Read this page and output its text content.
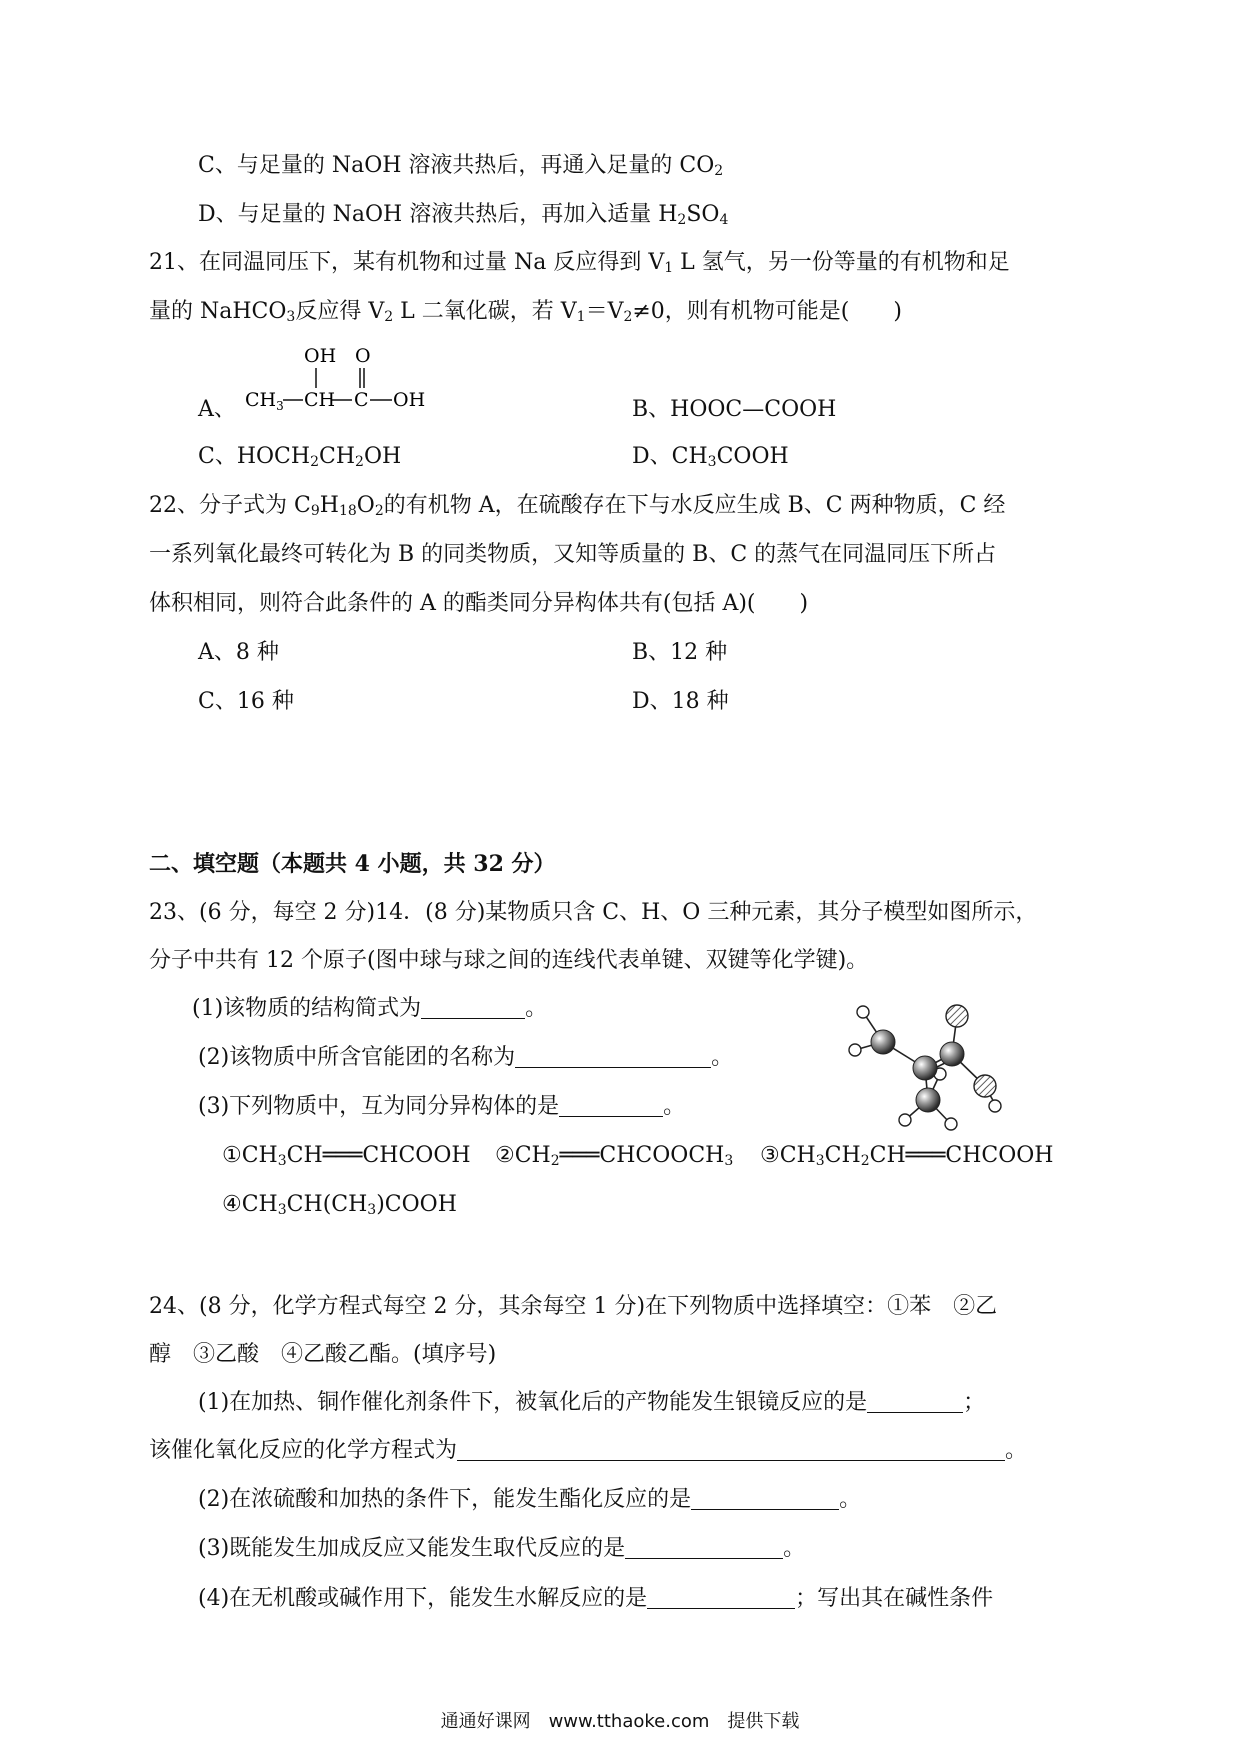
C、与足量的 NaOH 溶液共热后，再通入足量的 $CO_2$
D、与足量的 NaOH 溶液共热后，再加入适量 $H_2SO_4$
21、在同温同压下，某有机物和过量 Na 反应得到 $V_1$ L 氢气，另一份等量的有机物和足
量的 NaHCO$_3$反应得 $V_2$ L 二氧化碳，若 $V_1=V_2\ne 0$，则有机物可能是(　　)
A、
OH O
$CH_3$ CH C OH	B、HOOC—COOH
C、$HOCH_2CH_2OH$	D、$CH_3COOH$
22、分子式为 $C_9H_{18}O_2$的有机物 A，在硫酸存在下与水反应生成 B、C 两种物质，C 经
一系列氧化最终可转化为 B 的同类物质，又知等质量的 B、C 的蒸气在同温同压下所占
体积相同，则符合此条件的 A 的酯类同分异构体共有(包括 A)(　　)
A、8 种	B、12 种
C、16 种	D、18 种
二、填空题（本题共 4 小题，共 32 分）
23、(6 分，每空 2 分)14．(8 分)某物质只含 C、H、O 三种元素，其分子模型如图所示，
分子中共有 12 个原子(图中球与球之间的连线代表单键、双键等化学键)。
(1)该物质的结构简式为	。
(2)该物质中所含官能团的名称为	。
(3)下列物质中，互为同分异构体的是	。
$①CH_3CH═══CHCOOH$ $②CH_2═══CHCOOCH_3$ $③CH_3CH_2CH═══CHCOOH$
$④CH_3CH(CH_3)COOH$
24、(8 分，化学方程式每空 2 分，其余每空 1 分)在下列物质中选择填空：①苯　②乙
醇　③乙酸　④乙酸乙酯。(填序号)
(1)在加热、铜作催化剂条件下，被氧化后的产物能发生银镜反应的是	；
该催化氧化反应的化学方程式为	。
(2)在浓硫酸和加热的条件下，能发生酯化反应的是	。
(3)既能发生加成反应又能发生取代反应的是	。
(4)在无机酸或碱作用下，能发生水解反应的是	；写出其在碱性条件
通通好课网　www.tthaoke.com　提供下载
